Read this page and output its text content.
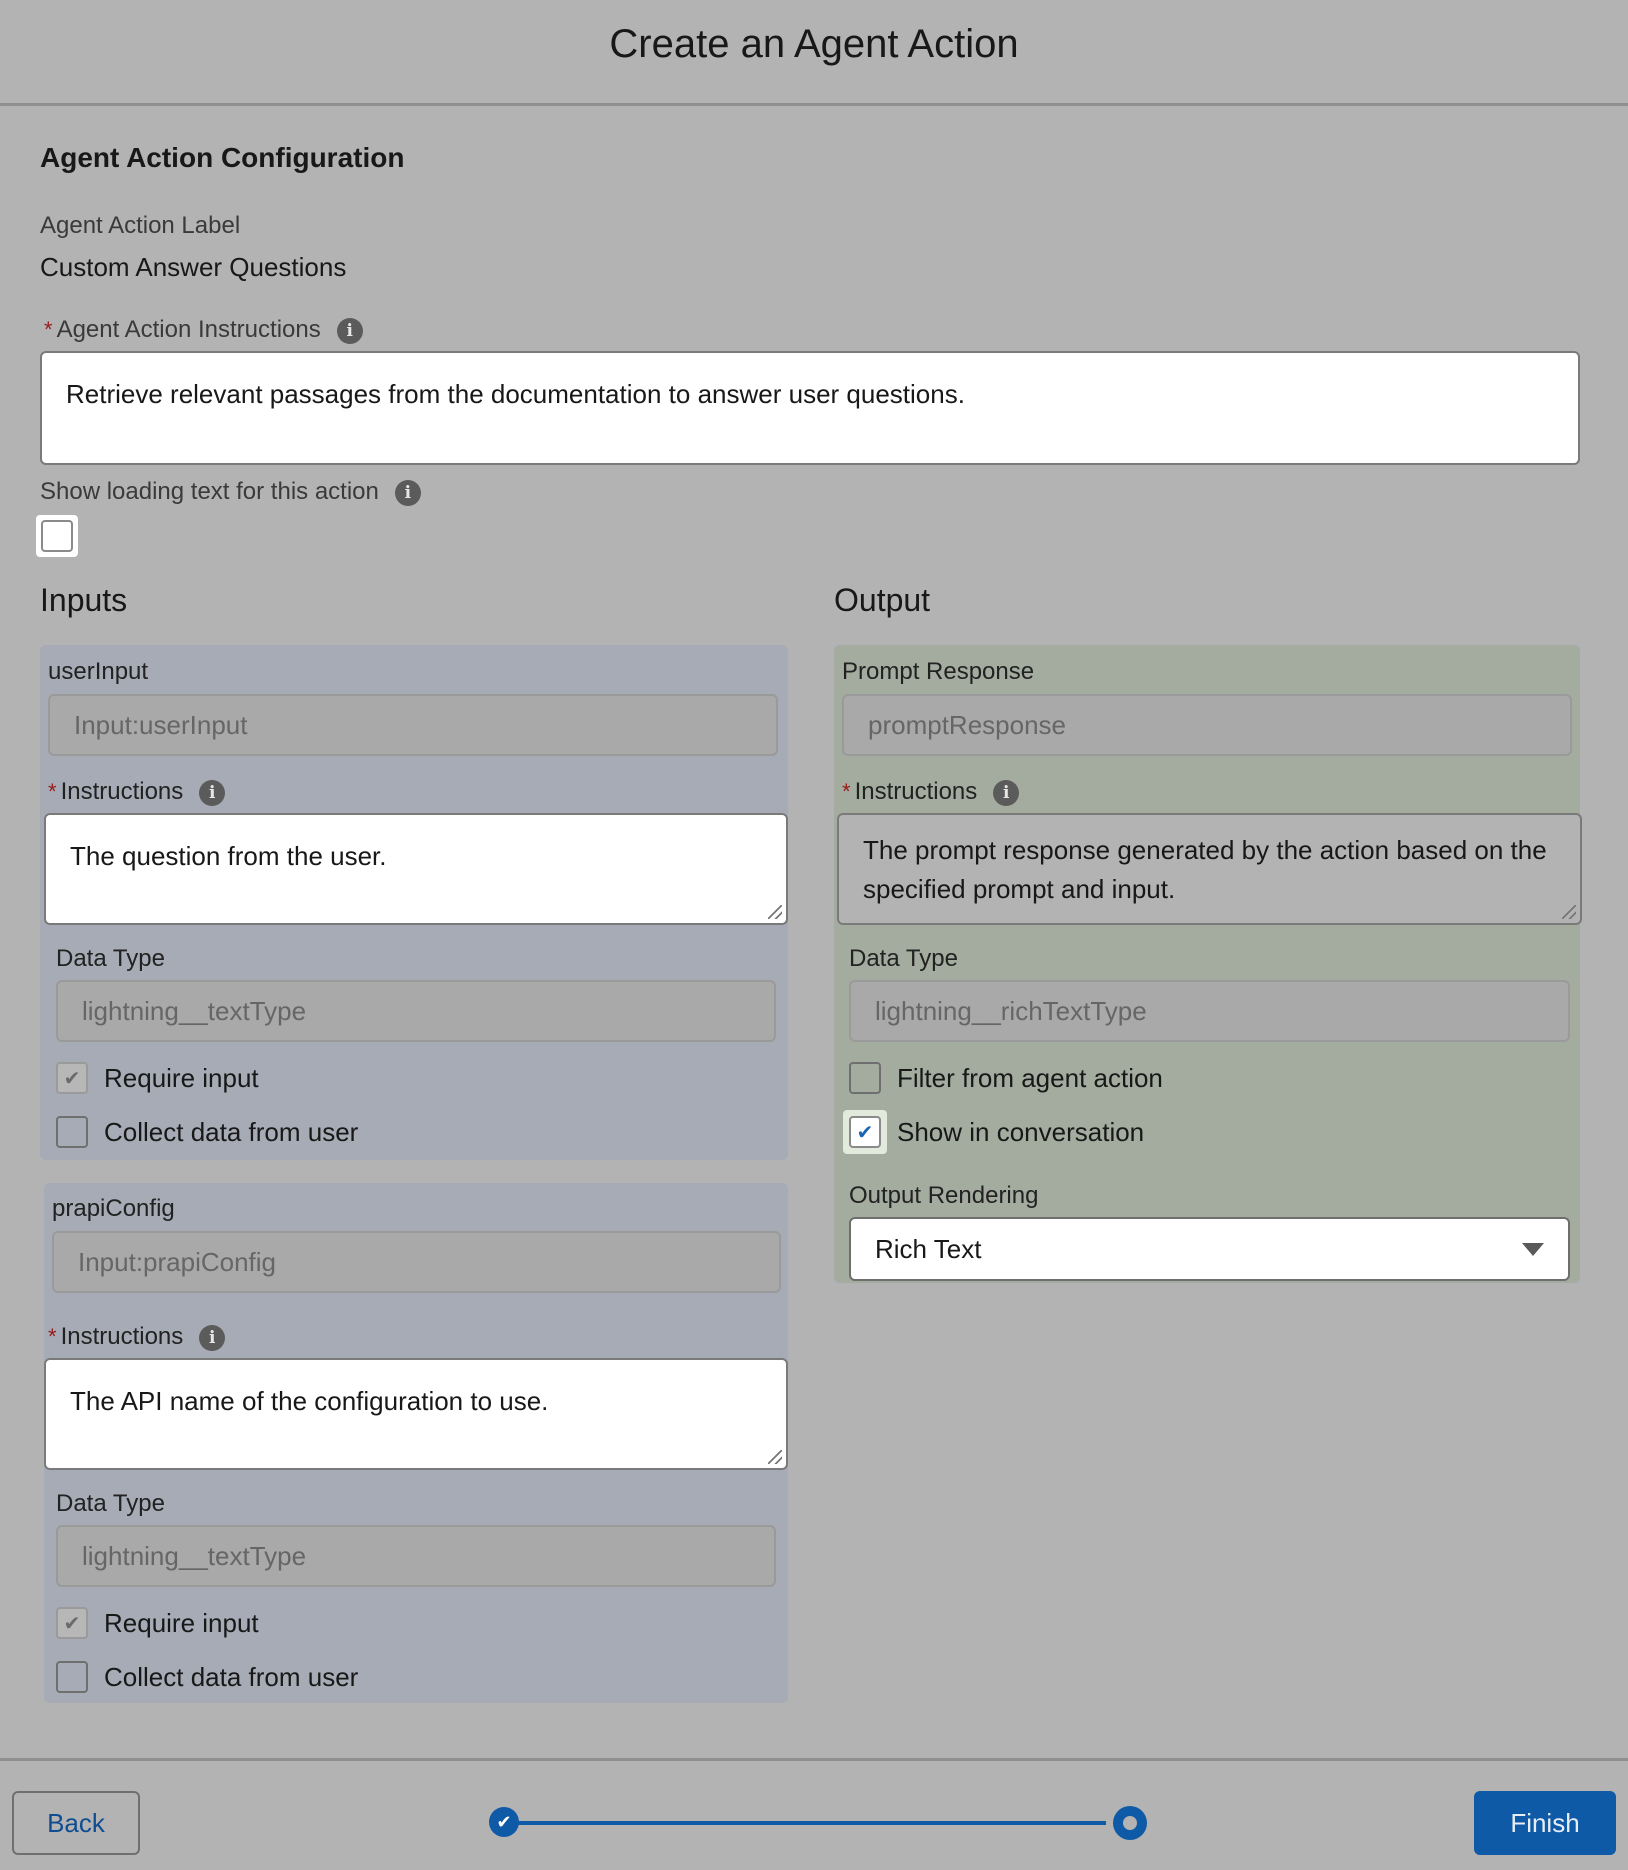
Create an Agent Action
Agent Action Configuration
Agent Action Label
Custom Answer Questions
* Agent Action Instructions i
Retrieve relevant passages from the documentation to answer user questions.
Show loading text for this action i
Inputs
userInput
Input:userInput
* Instructions i
The question from the user.
Data Type
lightning__textType
✔ Require input
Collect data from user
prapiConfig
Input:prapiConfig
* Instructions i
The API name of the configuration to use.
Data Type
lightning__textType
✔ Require input
Collect data from user
Output
Prompt Response
promptResponse
* Instructions i
The prompt response generated by the action based on the specified prompt and input.
Data Type
lightning__richTextType
Filter from agent action
✔ Show in conversation
Output Rendering
Rich Text
Back	✔	Finish
